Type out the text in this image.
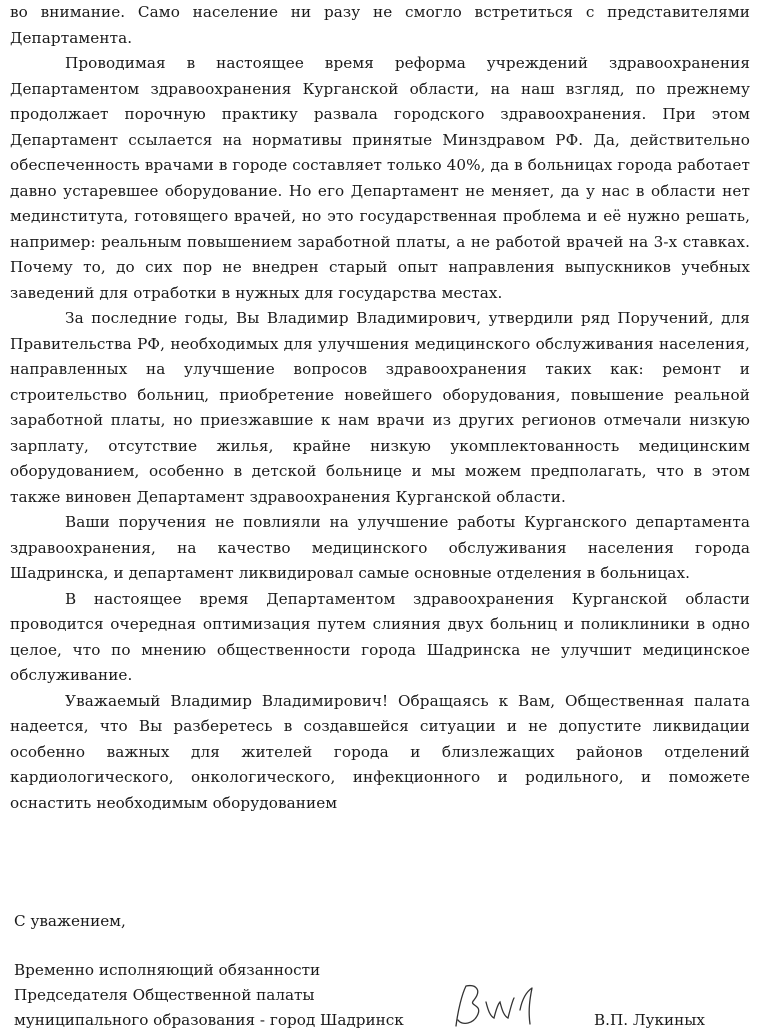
во внимание. Само население ни разу не смогло встретиться с представителями Департамента.

Проводимая в настоящее время реформа учреждений здравоохранения Департаментом здравоохранения Курганской области, на наш взгляд, по прежнему продолжает порочную практику развала городского здравоохранения. При этом Департамент ссылается на нормативы принятые Минздравом РФ. Да, действительно обеспеченность врачами в городе составляет только 40%, да в больницах города работает давно устаревшее оборудование. Но его Департамент не меняет, да у нас в области нет мединститута, готовящего врачей, но это государственная проблема и её нужно решать, например: реальным повышением заработной платы, а не работой врачей на 3-х ставках. Почему то, до сих пор не внедрен старый опыт направления выпускников учебных заведений для отработки в нужных для государства местах.

За последние годы, Вы Владимир Владимирович, утвердили ряд Поручений, для Правительства РФ, необходимых для улучшения медицинского обслуживания населения, направленных на улучшение вопросов здравоохранения таких как: ремонт и строительство больниц, приобретение новейшего оборудования, повышение реальной заработной платы, но приезжавшие к нам врачи из других регионов отмечали низкую зарплату, отсутствие жилья, крайне низкую укомплектованность медицинским оборудованием, особенно в детской больнице и мы можем предполагать, что в этом также виновен Департамент здравоохранения Курганской области.

Ваши поручения не повлияли на улучшение работы Курганского департамента здравоохранения, на качество медицинского обслуживания населения города Шадринска, и департамент ликвидировал самые основные отделения в больницах.

В настоящее время Департаментом здравоохранения Курганской области проводится очередная оптимизация путем слияния двух больниц и поликлиники в одно целое, что по мнению общественности города Шадринска не улучшит медицинское обслуживание.

Уважаемый Владимир Владимирович! Обращаясь к Вам, Общественная палата надеется, что Вы разберетесь в создавшейся ситуации и не допустите ликвидации особенно важных для жителей города и близлежащих районов отделений кардиологического, онкологического, инфекционного и родильного, и поможете оснастить необходимым оборудованием

С уважением,

Временно исполняющий обязанности

Председателя Общественной палаты

муниципального образования - город Шадринск	В.П. Лукиных
